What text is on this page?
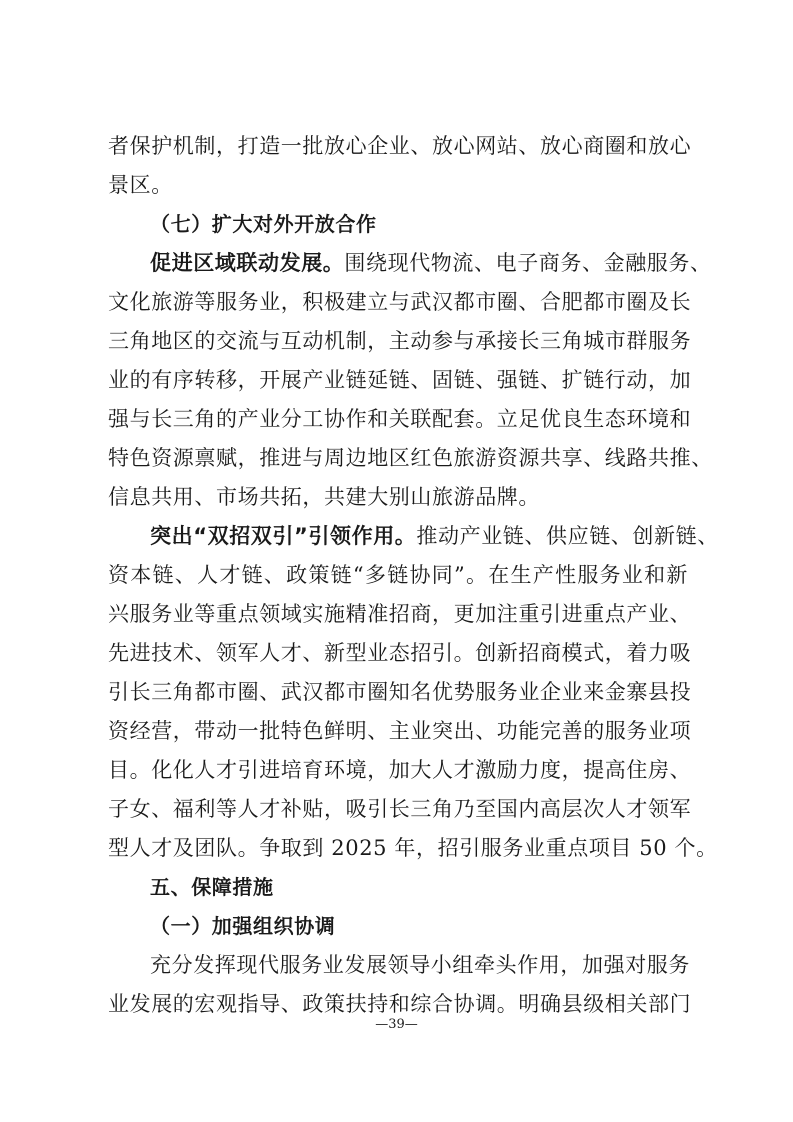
者保护机制，打造一批放心企业、放心网站、放心商圈和放心
景区。
（七）扩大对外开放合作
促进区域联动发展。围绕现代物流、电子商务、金融服务、
文化旅游等服务业，积极建立与武汉都市圈、合肥都市圈及长
三角地区的交流与互动机制，主动参与承接长三角城市群服务
业的有序转移，开展产业链延链、固链、强链、扩链行动，加
强与长三角的产业分工协作和关联配套。立足优良生态环境和
特色资源禀赋，推进与周边地区红色旅游资源共享、线路共推、
信息共用、市场共拓，共建大别山旅游品牌。
突出“双招双引”引领作用。推动产业链、供应链、创新链、
资本链、人才链、政策链“多链协同”。在生产性服务业和新
兴服务业等重点领域实施精准招商，更加注重引进重点产业、
先进技术、领军人才、新型业态招引。创新招商模式，着力吸
引长三角都市圈、武汉都市圈知名优势服务业企业来金寨县投
资经营，带动一批特色鲜明、主业突出、功能完善的服务业项
目。化化人才引进培育环境，加大人才激励力度，提高住房、
子女、福利等人才补贴，吸引长三角乃至国内高层次人才领军
型人才及团队。争取到 2025 年，招引服务业重点项目 50 个。
五、保障措施
（一）加强组织协调
充分发挥现代服务业发展领导小组牵头作用，加强对服务
业发展的宏观指导、政策扶持和综合协调。明确县级相关部门
—39—
